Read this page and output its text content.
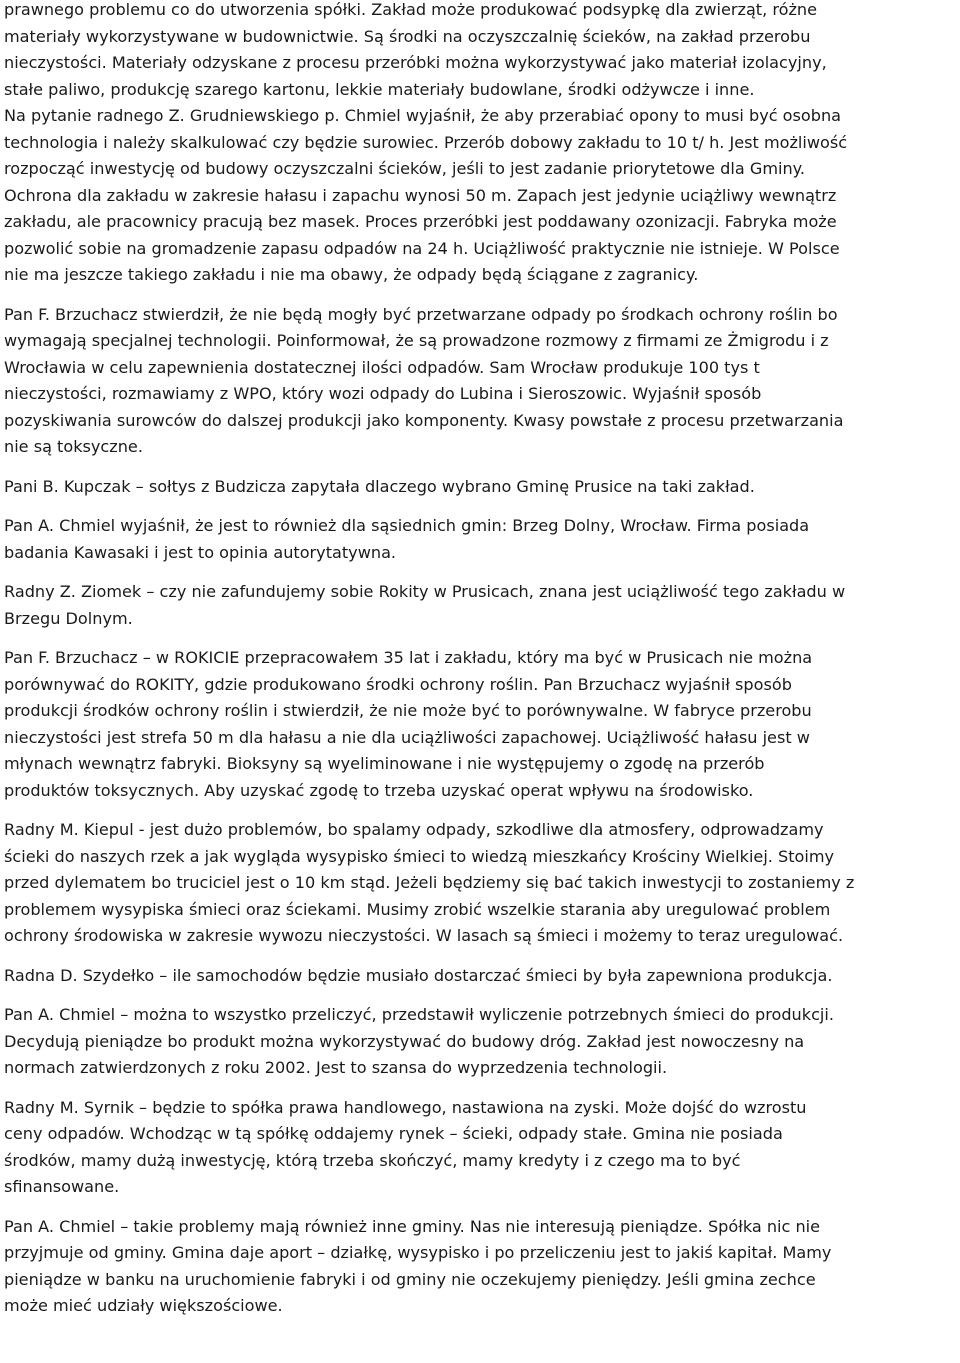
prawnego problemu co do utworzenia spółki. Zakład może produkować podsypkę dla zwierząt, różne
materiały wykorzystywane w budownictwie. Są środki na oczyszczalnię ścieków, na zakład przerobu
nieczystości. Materiały odzyskane z procesu przeróbki można wykorzystywać jako materiał izolacyjny,
stałe paliwo, produkcję szarego kartonu, lekkie materiały budowlane, środki odżywcze i inne.
Na pytanie radnego Z. Grudniewskiego p. Chmiel wyjaśnił, że aby przerabiać opony to musi być osobna
technologia i należy skalkulować czy będzie surowiec. Przerób dobowy zakładu to 10 t/ h. Jest możliwość
rozpocząć inwestycję od budowy oczyszczalni ścieków, jeśli to jest zadanie priorytetowe dla Gminy.
Ochrona dla zakładu w zakresie hałasu i zapachu wynosi 50 m. Zapach jest jedynie uciążliwy wewnątrz
zakładu, ale pracownicy pracują bez masek. Proces przeróbki jest poddawany ozonizacji. Fabryka może
pozwolić sobie na gromadzenie zapasu odpadów na 24 h. Uciążliwość praktycznie nie istnieje. W Polsce
nie ma jeszcze takiego zakładu i nie ma obawy, że odpady będą ściągane z zagranicy.
Pan F. Brzuchacz stwierdził, że nie będą mogły być przetwarzane odpady po środkach ochrony roślin bo
wymagają specjalnej technologii. Poinformował, że są prowadzone rozmowy z firmami ze Żmigrodu i z
Wrocławia w celu zapewnienia dostatecznej ilości odpadów. Sam Wrocław produkuje 100 tys t
nieczystości, rozmawiamy z WPO, który wozi odpady do Lubina i Sieroszowic. Wyjaśnił sposób
pozyskiwania surowców do dalszej produkcji jako komponenty. Kwasy powstałe z procesu przetwarzania
nie są toksyczne.
Pani B. Kupczak – sołtys z Budzicza zapytała dlaczego wybrano Gminę Prusice na taki zakład.
Pan A. Chmiel wyjaśnił, że jest to również dla sąsiednich gmin: Brzeg Dolny, Wrocław. Firma posiada
badania Kawasaki i jest to opinia autorytatywna.
Radny Z. Ziomek – czy nie zafundujemy sobie Rokity w Prusicach, znana jest uciążliwość tego zakładu w
Brzegu Dolnym.
Pan F. Brzuchacz – w ROKICIE przepracowałem 35 lat i zakładu, który ma być w Prusicach nie można
porównywać do ROKITY, gdzie produkowano środki ochrony roślin. Pan Brzuchacz wyjaśnił sposób
produkcji środków ochrony roślin i stwierdził, że nie może być to porównywalne. W fabryce przerobu
nieczystości jest strefa 50 m dla hałasu a nie dla uciążliwości zapachowej. Uciążliwość hałasu jest w
młynach wewnątrz fabryki. Bioksyny są wyeliminowane i nie występujemy o zgodę na przerób
produktów toksycznych. Aby uzyskać zgodę to trzeba uzyskać operat wpływu na środowisko.
Radny M. Kiepul - jest dużo problemów, bo spalamy odpady, szkodliwe dla atmosfery, odprowadzamy
ścieki do naszych rzek a jak wygląda wysypisko śmieci to wiedzą mieszkańcy Krościny Wielkiej. Stoimy
przed dylematem bo truciciel jest o 10 km stąd. Jeżeli będziemy się bać takich inwestycji to zostaniemy z
problemem wysypiska śmieci oraz ściekami. Musimy zrobić wszelkie starania aby uregulować problem
ochrony środowiska w zakresie wywozu nieczystości. W lasach są śmieci i możemy to teraz uregulować.
Radna D. Szydełko – ile samochodów będzie musiało dostarczać śmieci by była zapewniona produkcja.
Pan A. Chmiel – można to wszystko przeliczyć, przedstawił wyliczenie potrzebnych śmieci do produkcji.
Decydują pieniądze bo produkt można wykorzystywać do budowy dróg. Zakład jest nowoczesny na
normach zatwierdzonych z roku 2002. Jest to szansa do wyprzedzenia technologii.
Radny M. Syrnik – będzie to spółka prawa handlowego, nastawiona na zyski. Może dojść do wzrostu
ceny odpadów. Wchodząc w tą spółkę oddajemy rynek – ścieki, odpady stałe. Gmina nie posiada
środków, mamy dużą inwestycję, którą trzeba skończyć, mamy kredyty i z czego ma to być
sfinansowane.
Pan A. Chmiel – takie problemy mają również inne gminy. Nas nie interesują pieniądze. Spółka nic nie
przyjmuje od gminy. Gmina daje aport – działkę, wysypisko i po przeliczeniu jest to jakiś kapitał. Mamy
pieniądze w banku na uruchomienie fabryki i od gminy nie oczekujemy pieniędzy. Jeśli gmina zechce
może mieć udziały większościowe.
